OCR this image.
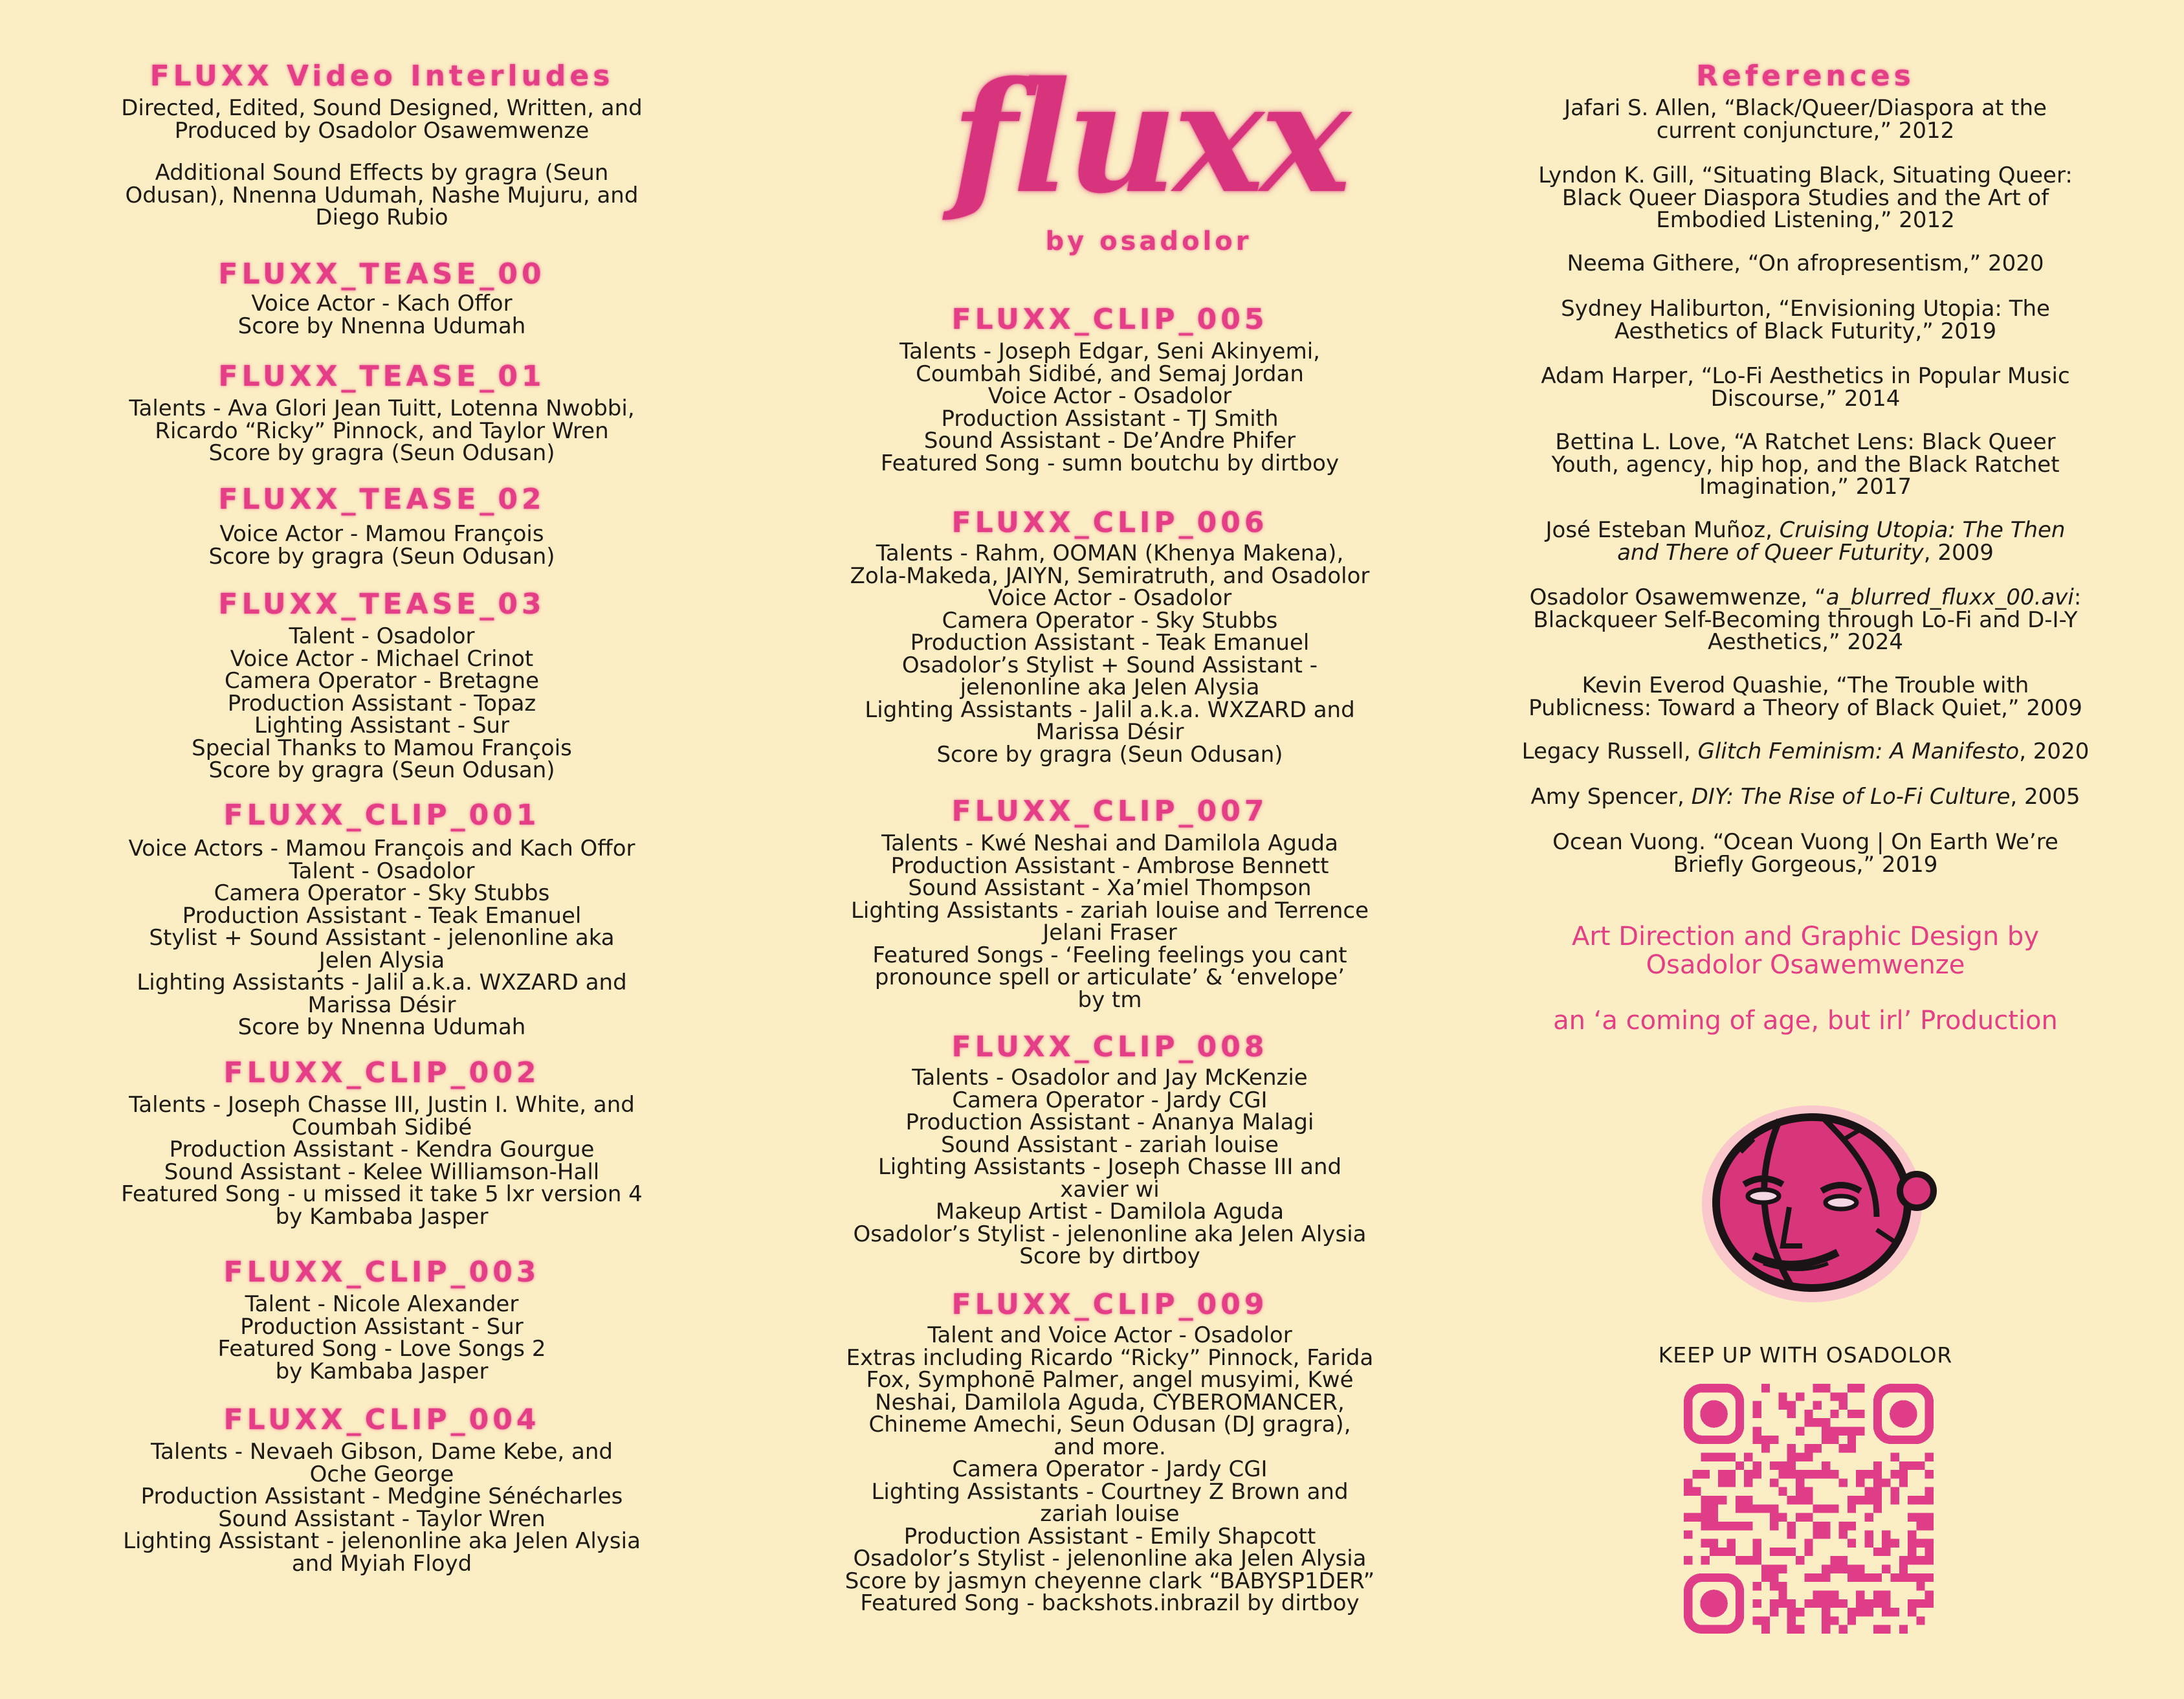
FLUXX Video Interludes
Directed, Edited, Sound Designed, Written, and
Produced by Osadolor Osawemwenze
Additional Sound Effects by gragra (Seun
Odusan), Nnenna Udumah, Nashe Mujuru, and
Diego Rubio
FLUXX_TEASE_00
Voice Actor - Kach Offor
Score by Nnenna Udumah
FLUXX_TEASE_01
Talents - Ava Glori Jean Tuitt, Lotenna Nwobbi,
Ricardo “Ricky” Pinnock, and Taylor Wren
Score by gragra (Seun Odusan)
FLUXX_TEASE_02
Voice Actor - Mamou François
Score by gragra (Seun Odusan)
FLUXX_TEASE_03
Talent - Osadolor
Voice Actor - Michael Crinot
Camera Operator - Bretagne
Production Assistant - Topaz
Lighting Assistant - Sur
Special Thanks to Mamou François
Score by gragra (Seun Odusan)
FLUXX_CLIP_001
Voice Actors - Mamou François and Kach Offor
Talent - Osadolor
Camera Operator - Sky Stubbs
Production Assistant - Teak Emanuel
Stylist + Sound Assistant - jelenonline aka
Jelen Alysia
Lighting Assistants - Jalil a.k.a. WXZARD and
Marissa Désir
Score by Nnenna Udumah
FLUXX_CLIP_002
Talents - Joseph Chasse III, Justin I. White, and
Coumbah Sidibé
Production Assistant - Kendra Gourgue
Sound Assistant - Kelee Williamson-Hall
Featured Song - u missed it take 5 lxr version 4
by Kambaba Jasper
FLUXX_CLIP_003
Talent - Nicole Alexander
Production Assistant - Sur
Featured Song - Love Songs 2
by Kambaba Jasper
FLUXX_CLIP_004
Talents - Nevaeh Gibson, Dame Kebe, and
Oche George
Production Assistant - Medgine Sénécharles
Sound Assistant - Taylor Wren
Lighting Assistant - jelenonline aka Jelen Alysia
and Myiah Floyd
fluxx
by osadolor
FLUXX_CLIP_005
Talents - Joseph Edgar, Seni Akinyemi,
Coumbah Sidibé, and Semaj Jordan
Voice Actor - Osadolor
Production Assistant - TJ Smith
Sound Assistant - De’Andre Phifer
Featured Song - sumn boutchu by dirtboy
FLUXX_CLIP_006
Talents - Rahm, OOMAN (Khenya Makena),
Zola-Makeda, JAIYN, Semiratruth, and Osadolor
Voice Actor - Osadolor
Camera Operator - Sky Stubbs
Production Assistant - Teak Emanuel
Osadolor’s Stylist + Sound Assistant -
jelenonline aka Jelen Alysia
Lighting Assistants - Jalil a.k.a. WXZARD and
Marissa Désir
Score by gragra (Seun Odusan)
FLUXX_CLIP_007
Talents - Kwé Neshai and Damilola Aguda
Production Assistant - Ambrose Bennett
Sound Assistant - Xa’miel Thompson
Lighting Assistants - zariah louise and Terrence
Jelani Fraser
Featured Songs - ‘Feeling feelings you cant
pronounce spell or articulate’ & ‘envelope’
by tm
FLUXX_CLIP_008
Talents - Osadolor and Jay McKenzie
Camera Operator - Jardy CGI
Production Assistant - Ananya Malagi
Sound Assistant - zariah louise
Lighting Assistants - Joseph Chasse III and
xavier wi
Makeup Artist - Damilola Aguda
Osadolor’s Stylist - jelenonline aka Jelen Alysia
Score by dirtboy
FLUXX_CLIP_009
Talent and Voice Actor - Osadolor
Extras including Ricardo “Ricky” Pinnock, Farida
Fox, Symphonē Palmer, angel musyimi, Kwé
Neshai, Damilola Aguda, CYBEROMANCER,
Chineme Amechi, Seun Odusan (DJ gragra),
and more.
Camera Operator - Jardy CGI
Lighting Assistants - Courtney Z Brown and
zariah louise
Production Assistant - Emily Shapcott
Osadolor’s Stylist - jelenonline aka Jelen Alysia
Score by jasmyn cheyenne clark “BABYSP1DER”
Featured Song - backshots.inbrazil by dirtboy
References
Jafari S. Allen, “Black/Queer/Diaspora at the
current conjuncture,” 2012
Lyndon K. Gill, “Situating Black, Situating Queer:
Black Queer Diaspora Studies and the Art of
Embodied Listening,” 2012
Neema Githere, “On afropresentism,” 2020
Sydney Haliburton, “Envisioning Utopia: The
Aesthetics of Black Futurity,” 2019
Adam Harper, “Lo-Fi Aesthetics in Popular Music
Discourse,” 2014
Bettina L. Love, “A Ratchet Lens: Black Queer
Youth, agency, hip hop, and the Black Ratchet
Imagination,” 2017
José Esteban Muñoz, Cruising Utopia: The Then
and There of Queer Futurity, 2009
Osadolor Osawemwenze, “a_blurred_fluxx_00.avi:
Blackqueer Self-Becoming through Lo-Fi and D-I-Y
Aesthetics,” 2024
Kevin Everod Quashie, “The Trouble with
Publicness: Toward a Theory of Black Quiet,” 2009
Legacy Russell, Glitch Feminism: A Manifesto, 2020
Amy Spencer, DIY: The Rise of Lo-Fi Culture, 2005
Ocean Vuong. “Ocean Vuong | On Earth We’re
Briefly Gorgeous,” 2019
Art Direction and Graphic Design by
Osadolor Osawemwenze
an ‘a coming of age, but irl’ Production
KEEP UP WITH OSADOLOR
